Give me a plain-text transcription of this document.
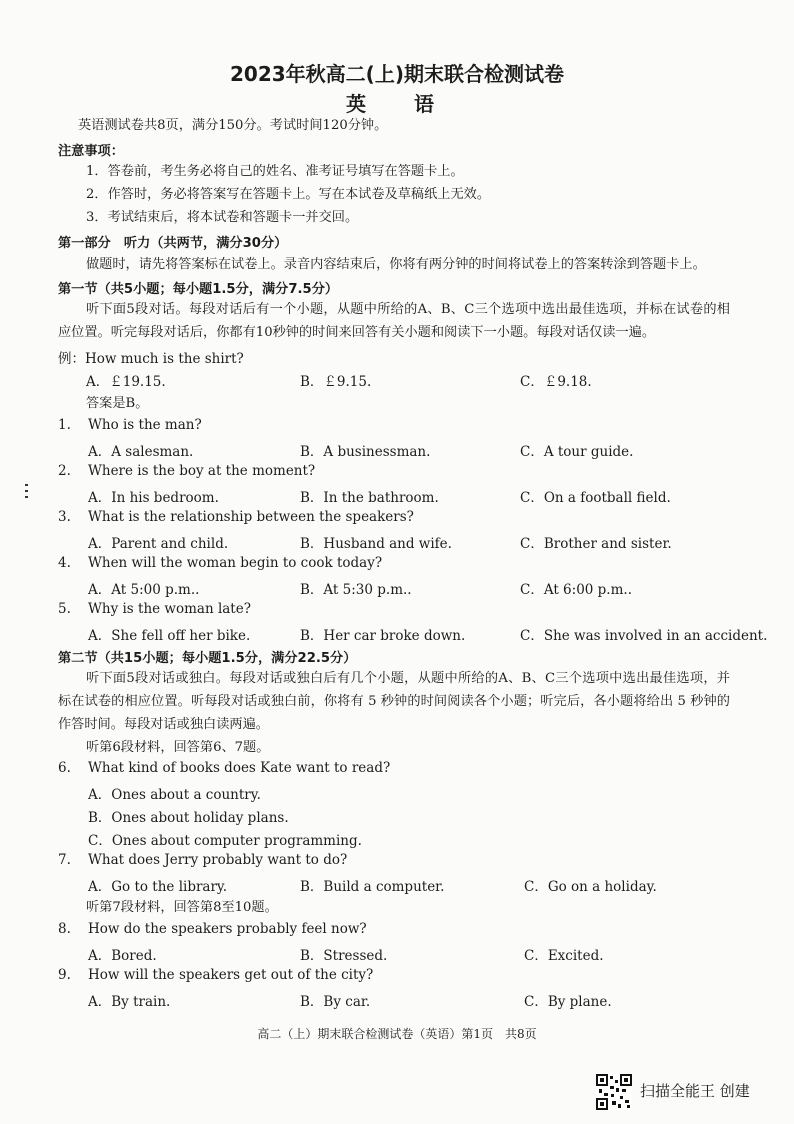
2023年秋高二(上)期末联合检测试卷
英　语
英语测试卷共8页，满分150分。考试时间120分钟。
注意事项：
1．答卷前，考生务必将自己的姓名、准考证号填写在答题卡上。
2．作答时，务必将答案写在答题卡上。写在本试卷及草稿纸上无效。
3．考试结束后，将本试卷和答题卡一并交回。
第一部分　听力（共两节，满分30分）
做题时，请先将答案标在试卷上。录音内容结束后，你将有两分钟的时间将试卷上的答案转涂到答题卡上。
第一节（共5小题；每小题1.5分，满分7.5分）
听下面5段对话。每段对话后有一个小题，从题中所给的A、B、C三个选项中选出最佳选项，并标在试卷的相应位置。听完每段对话后，你都有10秒钟的时间来回答有关小题和阅读下一小题。每段对话仅读一遍。
例：How much is the shirt?
A．￡19.15.	B．￡9.15.	C．￡9.18.
答案是B。
1. Who is the man?
A．A salesman.	B．A businessman.	C．A tour guide.
2. Where is the boy at the moment?
A．In his bedroom.	B．In the bathroom.	C．On a football field.
3. What is the relationship between the speakers?
A．Parent and child.	B．Husband and wife.	C．Brother and sister.
4. When will the woman begin to cook today?
A．At 5:00 p.m..	B．At 5:30 p.m..	C．At 6:00 p.m..
5. Why is the woman late?
A．She fell off her bike.	B．Her car broke down.	C．She was involved in an accident.
第二节（共15小题；每小题1.5分，满分22.5分）
听下面5段对话或独白。每段对话或独白后有几个小题，从题中所给的A、B、C三个选项中选出最佳选项，并标在试卷的相应位置。听每段对话或独白前，你将有 5 秒钟的时间阅读各个小题；听完后，各小题将给出 5 秒钟的作答时间。每段对话或独白读两遍。
听第6段材料，回答第6、7题。
6. What kind of books does Kate want to read?
A．Ones about a country.
B．Ones about holiday plans.
C．Ones about computer programming.
7. What does Jerry probably want to do?
A．Go to the library.	B．Build a computer.	C．Go on a holiday.
听第7段材料，回答第8至10题。
8. How do the speakers probably feel now?
A．Bored.	B．Stressed.	C．Excited.
9. How will the speakers get out of the city?
A．By train.	B．By car.	C．By plane.
高二（上）期末联合检测试卷（英语）第1页　共8页
扫描全能王 创建
